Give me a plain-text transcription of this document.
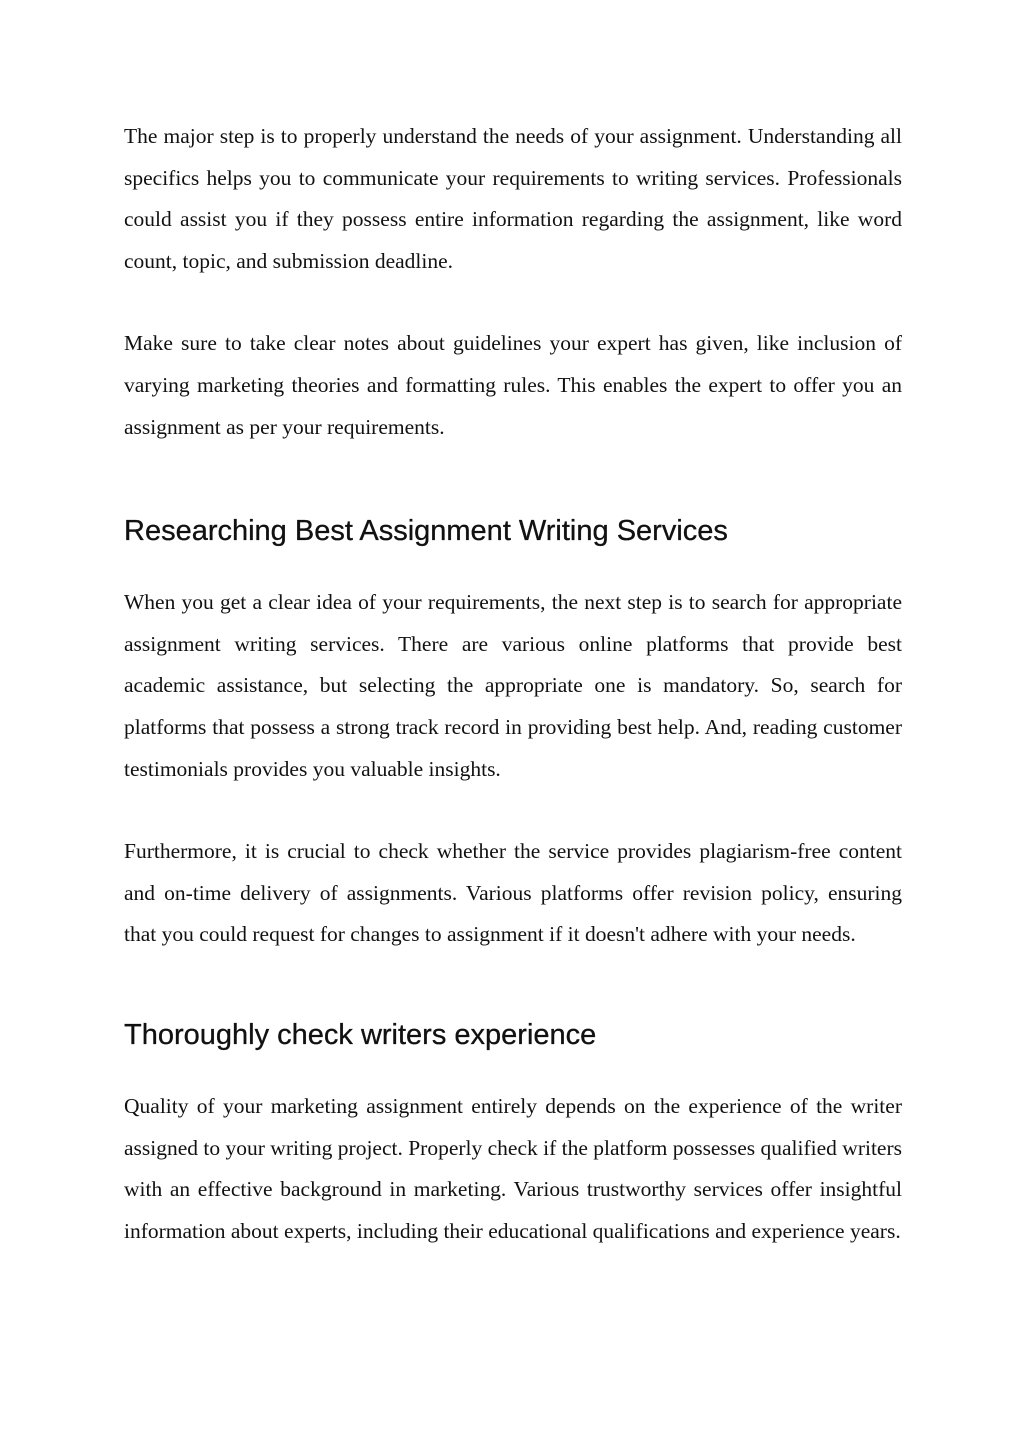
The major step is to properly understand the needs of your assignment. Understanding all specifics helps you to communicate your requirements to writing services. Professionals could assist you if they possess entire information regarding the assignment, like word count, topic, and submission deadline.

Make sure to take clear notes about guidelines your expert has given, like inclusion of varying marketing theories and formatting rules. This enables the expert to offer you an assignment as per your requirements.

Researching Best Assignment Writing Services

When you get a clear idea of your requirements, the next step is to search for appropriate assignment writing services. There are various online platforms that provide best academic assistance, but selecting the appropriate one is mandatory. So, search for platforms that possess a strong track record in providing best help. And, reading customer testimonials provides you valuable insights.

Furthermore, it is crucial to check whether the service provides plagiarism-free content and on-time delivery of assignments. Various platforms offer revision policy, ensuring that you could request for changes to assignment if it doesn't adhere with your needs.

Thoroughly check writers experience

Quality of your marketing assignment entirely depends on the experience of the writer assigned to your writing project. Properly check if the platform possesses qualified writers with an effective background in marketing. Various trustworthy services offer insightful information about experts, including their educational qualifications and experience years.
